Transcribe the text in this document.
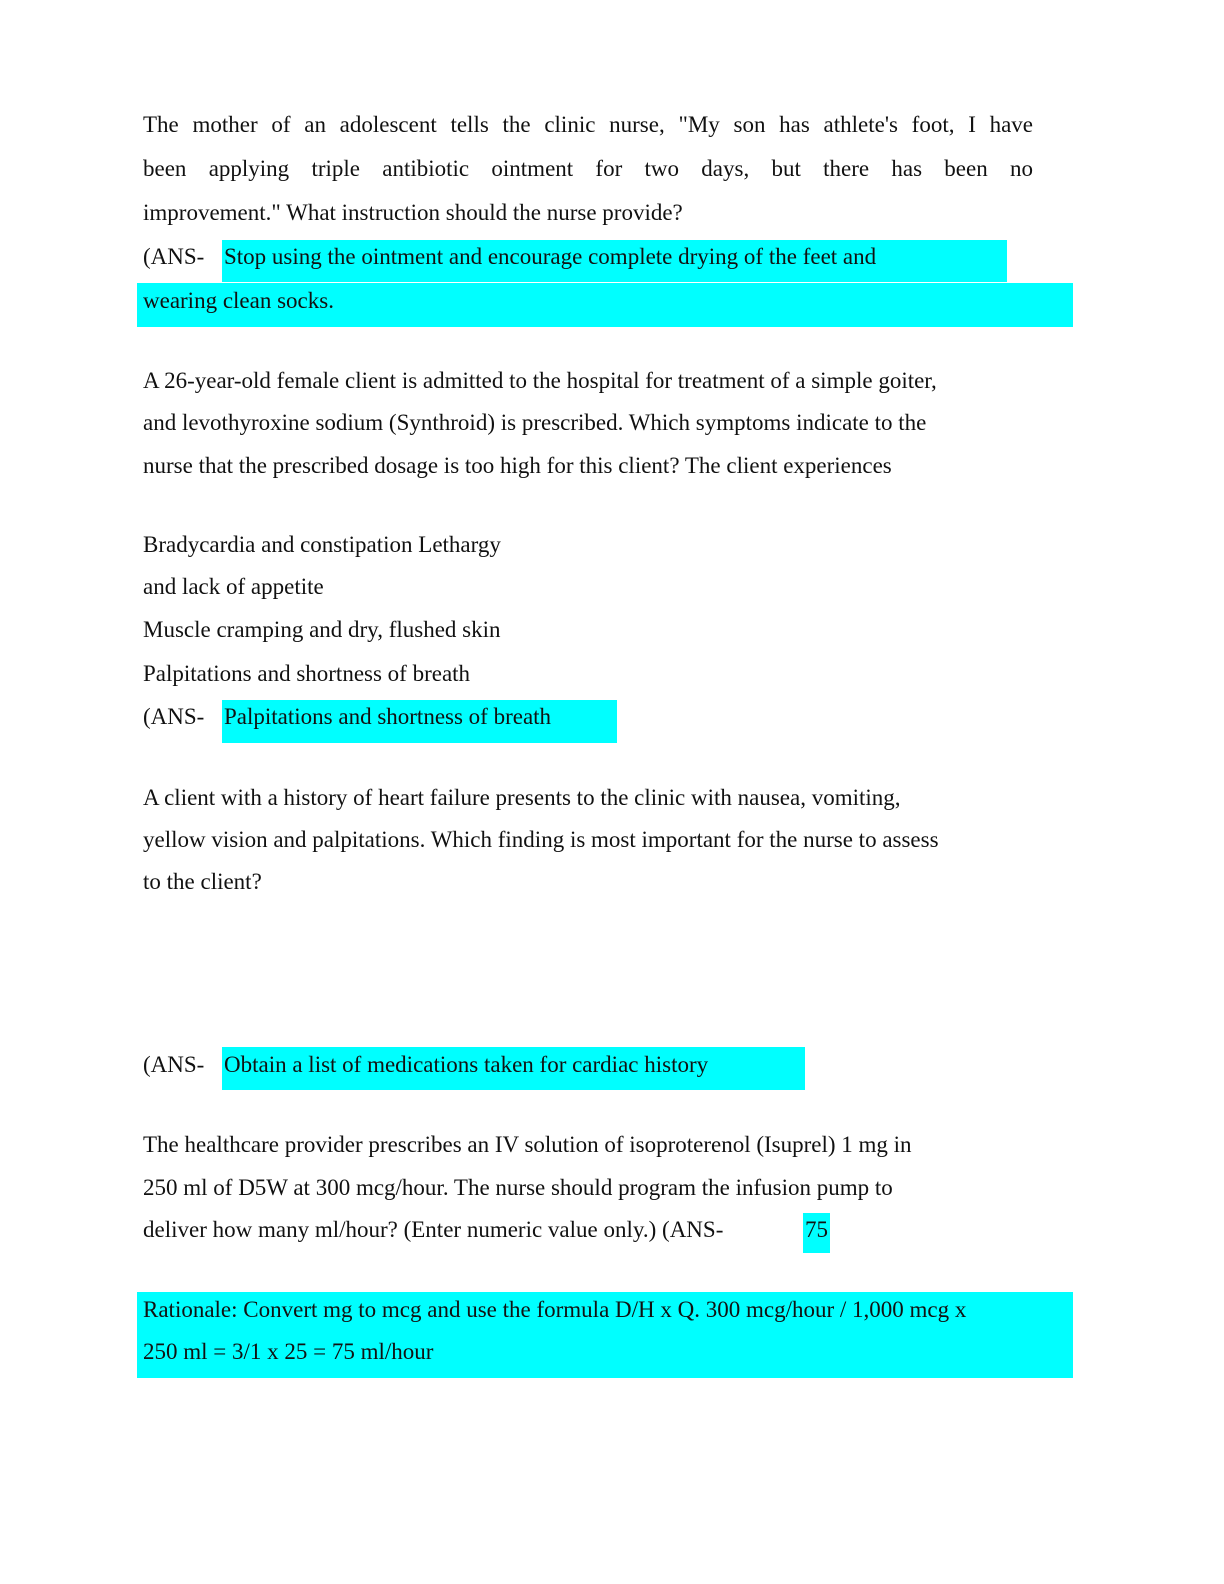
The mother of an adolescent tells the clinic nurse, "My son has athlete's foot, I have
been applying triple antibiotic ointment for two days, but there has been no
improvement." What instruction should the nurse provide?
(ANS- Stop using the ointment and encourage complete drying of the feet and
wearing clean socks.
A 26-year-old female client is admitted to the hospital for treatment of a simple goiter,
and levothyroxine sodium (Synthroid) is prescribed. Which symptoms indicate to the
nurse that the prescribed dosage is too high for this client? The client experiences
Bradycardia and constipation Lethargy
and lack of appetite
Muscle cramping and dry, flushed skin
Palpitations and shortness of breath
(ANS- Palpitations and shortness of breath
A client with a history of heart failure presents to the clinic with nausea, vomiting,
yellow vision and palpitations. Which finding is most important for the nurse to assess
to the client?
(ANS- Obtain a list of medications taken for cardiac history
The healthcare provider prescribes an IV solution of isoproterenol (Isuprel) 1 mg in
250 ml of D5W at 300 mcg/hour. The nurse should program the infusion pump to
deliver how many ml/hour? (Enter numeric value only.) (ANS-	75
Rationale: Convert mg to mcg and use the formula D/H x Q. 300 mcg/hour / 1,000 mcg x
250 ml = 3/1 x 25 = 75 ml/hour
